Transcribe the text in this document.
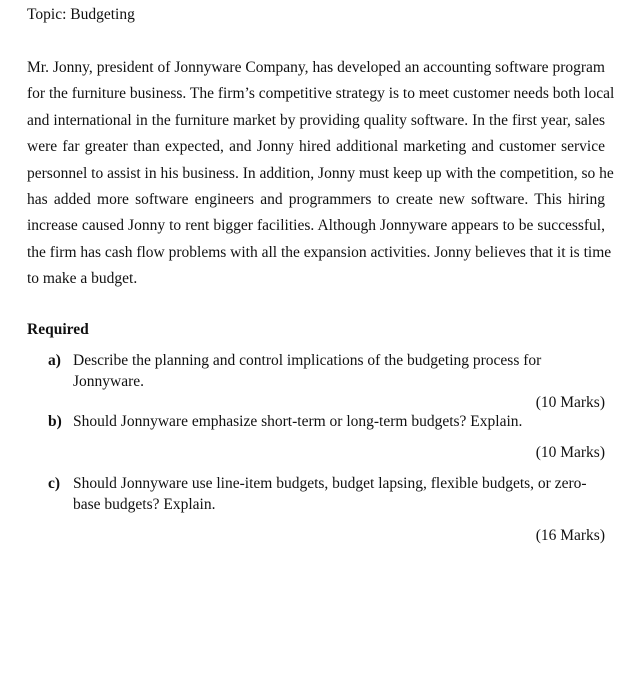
Topic: Budgeting
Mr. Jonny, president of Jonnyware Company, has developed an accounting software program
for the furniture business. The firm’s competitive strategy is to meet customer needs both local
and international in the furniture market by providing quality software. In the first year, sales
were far greater than expected, and Jonny hired additional marketing and customer service
personnel to assist in his business. In addition, Jonny must keep up with the competition, so he
has added more software engineers and programmers to create new software. This hiring
increase caused Jonny to rent bigger facilities. Although Jonnyware appears to be successful,
the firm has cash flow problems with all the expansion activities. Jonny believes that it is time
to make a budget.
Required
a) Describe the planning and control implications of the budgeting process for Jonnyware.
(10 Marks)
b) Should Jonnyware emphasize short-term or long-term budgets? Explain.
(10 Marks)
c) Should Jonnyware use line-item budgets, budget lapsing, flexible budgets, or zero-base budgets? Explain.
(16 Marks)
